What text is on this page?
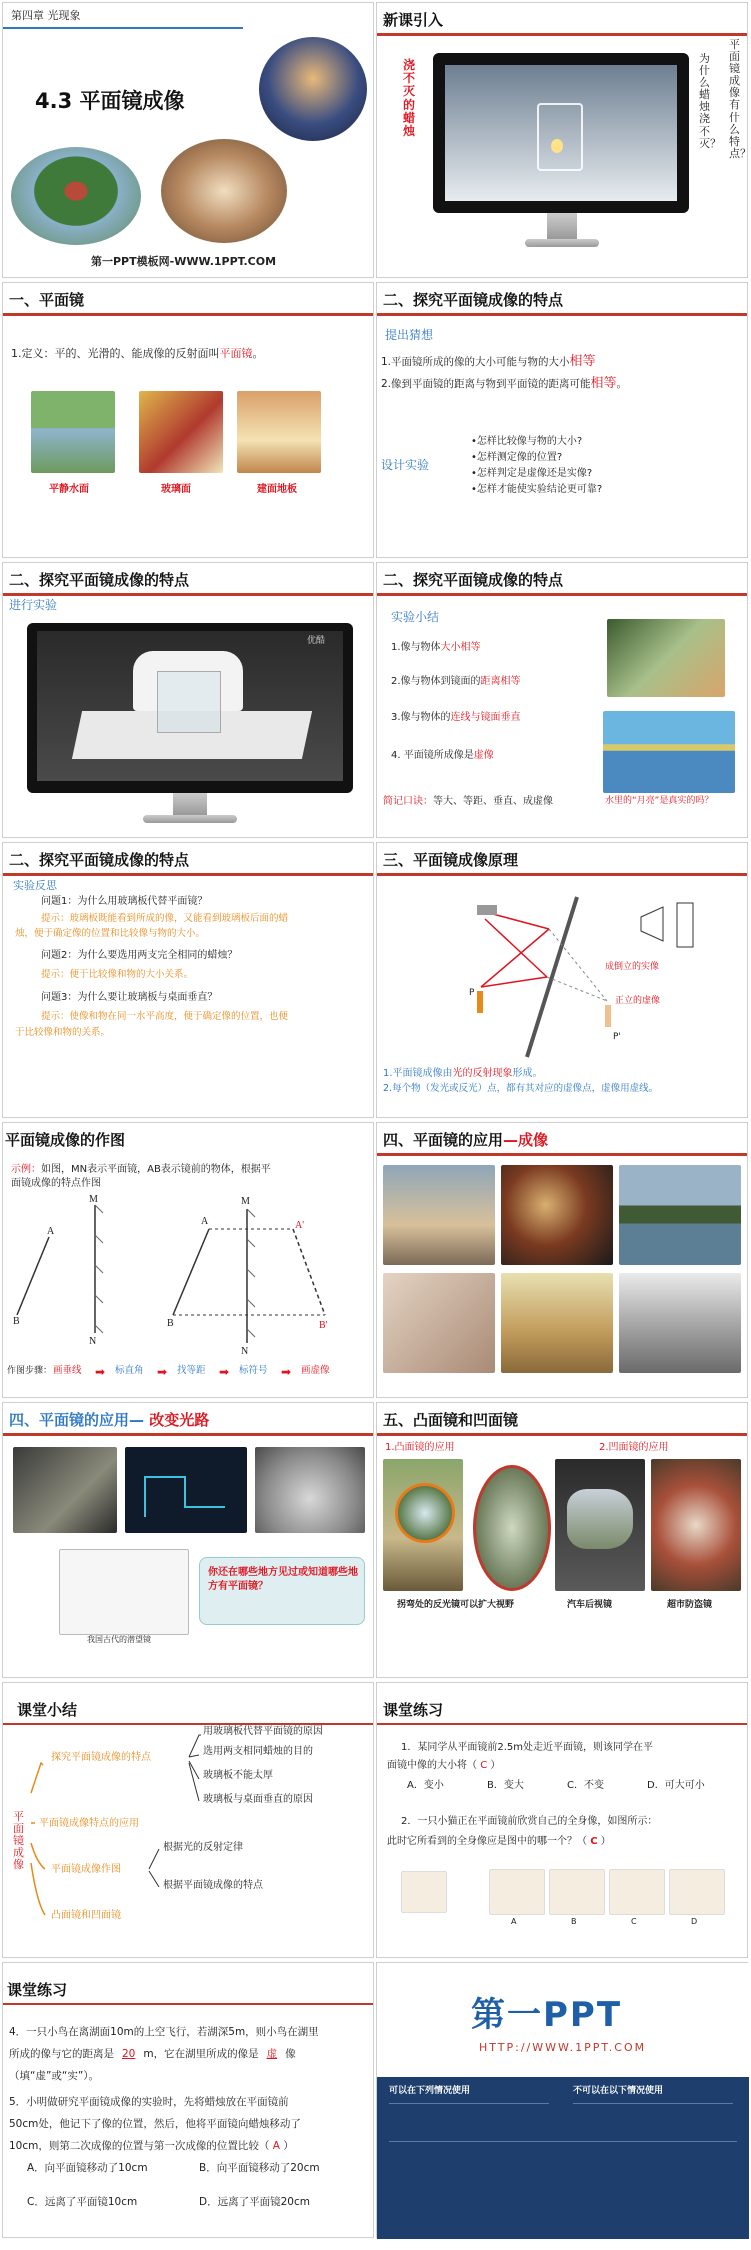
第四章 光现象
4.3 平面镜成像
第一PPT模板网-WWW.1PPT.COM
新课引入
浇不灭的蜡烛
平面镜成像有什么特点？
为什么蜡烛浇不灭？
一、平面镜
1.定义：平的、光滑的、能成像的反射面叫平面镜。
平静水面	玻璃面	建面地板
二、探究平面镜成像的特点
提出猜想
1.平面镜所成的像的大小可能与物的大小相等
2.像到平面镜的距离与物到平面镜的距离可能相等。
设计实验
•怎样比较像与物的大小?
•怎样测定像的位置?
•怎样判定是虚像还是实像?
•怎样才能使实验结论更可靠?
二、探究平面镜成像的特点
进行实验
优酷
二、探究平面镜成像的特点
实验小结
1.像与物体大小相等
2.像与物体到镜面的距离相等
3.像与物体的连线与镜面垂直
4. 平面镜所成像是虚像
简记口诀：等大、等距、垂直、成虚像	水里的“月亮”是真实的吗？
二、探究平面镜成像的特点
实验反思
问题1：为什么用玻璃板代替平面镜？
提示：玻璃板既能看到所成的像，又能看到玻璃板后面的蜡
烛，便于确定像的位置和比较像与物的大小。
问题2：为什么要选用两支完全相同的蜡烛？
提示：便于比较像和物的大小关系。
问题3：为什么要让玻璃板与桌面垂直？
提示：使像和物在同一水平高度，便于确定像的位置，也便
于比较像和物的关系。
三、平面镜成像原理
成倒立的实像
正立的虚像
P
P'
1.平面镜成像由光的反射现象形成。
2.每个物（发光或反光）点，都有其对应的虚像点，虚像用虚线。
平面镜成像的作图
示例：如图，MN表示平面镜，AB表示镜前的物体，根据平
面镜成像的特点作图
A
B
M
N
A
B
M
N
A'
B'
作图步骤： 画垂线 ➡ 标直角 ➡ 找等距 ➡ 标符号 ➡ 画虚像
四、平面镜的应用—成像
四、平面镜的应用— 改变光路
我国古代的潜望镜
你还在哪些地方见过或知道哪些地方有平面镜？
五、凸面镜和凹面镜
1.凸面镜的应用	2.凹面镜的应用
拐弯处的反光镜可以扩大视野	汽车后视镜	超市防盗镜
课堂小结
平面镜成像
探究平面镜成像的特点
用玻璃板代替平面镜的原因
选用两支相同蜡烛的目的
玻璃板不能太厚
玻璃板与桌面垂直的原因
平面镜成像特点的应用
平面镜成像作图
根据光的反射定律
根据平面镜成像的特点
凸面镜和凹面镜
课堂练习
1．某同学从平面镜前2.5m处走近平面镜，则该同学在平
面镜中像的大小将（ C ）
A．变小	B．变大	C．不变	D．可大可小
2．一只小猫正在平面镜前欣赏自己的全身像，如图所示：
此时它所看到的全身像应是图中的哪一个？（ C ）
A	B	C	D
课堂练习
4．一只小鸟在离湖面10m的上空飞行，若湖深5m，则小鸟在湖里
所成的像与它的距离是 20 m，它在湖里所成的像是 虚 像
（填“虚”或“实”）。
5．小明做研究平面镜成像的实验时，先将蜡烛放在平面镜前
50cm处，他记下了像的位置，然后，他将平面镜向蜡烛移动了
10cm，则第二次成像的位置与第一次成像的位置比较（ A ）
A．向平面镜移动了10cm	B．向平面镜移动了20cm
C．远离了平面镜10cm	D．远离了平面镜20cm
第一PPT
HTTP://WWW.1PPT.COM
可以在下列情况使用	不可以在以下情况使用
